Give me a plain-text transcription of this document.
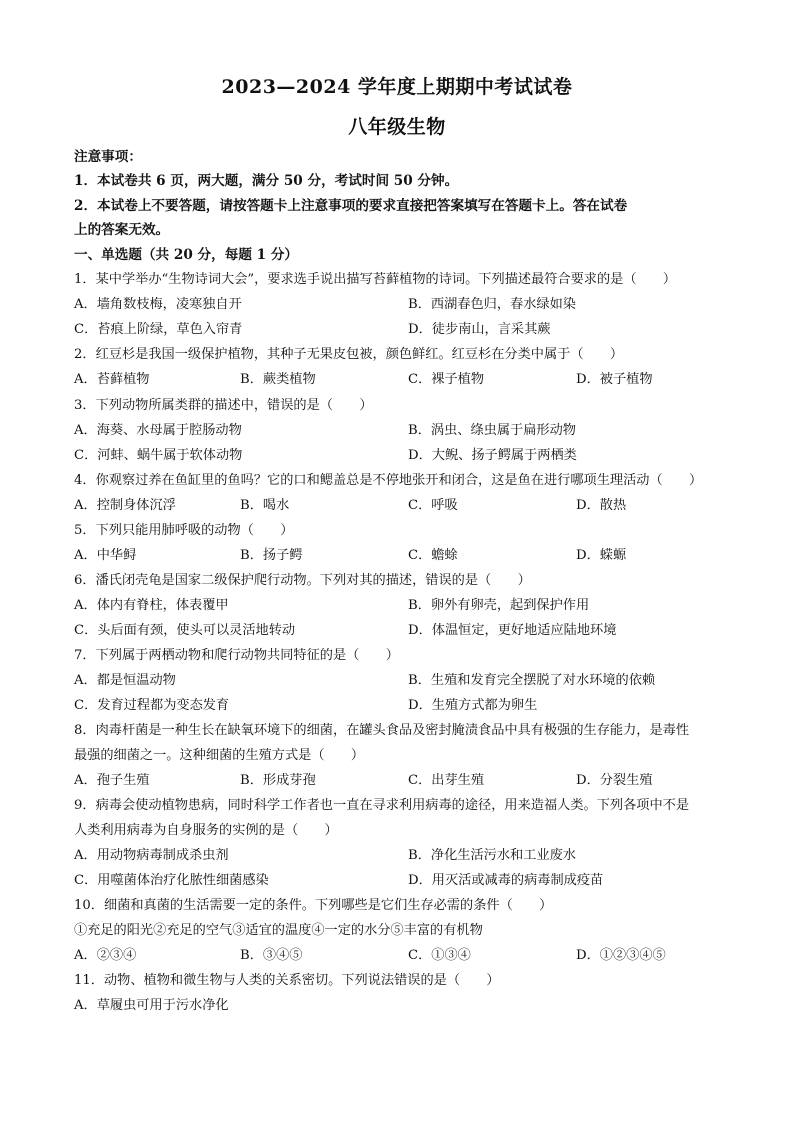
2023—2024 学年度上期期中考试试卷
八年级生物
注意事项：
1．本试卷共 6 页，两大题，满分 50 分，考试时间 50 分钟。
2．本试卷上不要答题，请按答题卡上注意事项的要求直接把答案填写在答题卡上。答在试卷
上的答案无效。
一、单选题（共 20 分，每题 1 分）
1．某中学举办“生物诗词大会”，要求选手说出描写苔藓植物的诗词。下列描述最符合要求的是（　　）
A．墙角数枝梅，凌寒独自开	B．西湖春色归，春水绿如染
C．苔痕上阶绿，草色入帘青	D．徒步南山，言采其蕨
2．红豆杉是我国一级保护植物，其种子无果皮包被，颜色鲜红。红豆杉在分类中属于（　　）
A．苔藓植物	B．蕨类植物	C．裸子植物	D．被子植物
3．下列动物所属类群的描述中，错误的是（　　）
A．海葵、水母属于腔肠动物	B．涡虫、绦虫属于扁形动物
C．河蚌、蜗牛属于软体动物	D．大鲵、扬子鳄属于两栖类
4．你观察过养在鱼缸里的鱼吗？它的口和鳃盖总是不停地张开和闭合，这是鱼在进行哪项生理活动（　　）
A．控制身体沉浮	B．喝水	C．呼吸	D．散热
5．下列只能用肺呼吸的动物（　　）
A．中华鲟	B．扬子鳄	C．蟾蜍	D．蝾螈
6．潘氏闭壳龟是国家二级保护爬行动物。下列对其的描述，错误的是（　　）
A．体内有脊柱，体表覆甲	B．卵外有卵壳，起到保护作用
C．头后面有颈，使头可以灵活地转动	D．体温恒定，更好地适应陆地环境
7．下列属于两栖动物和爬行动物共同特征的是（　　）
A．都是恒温动物	B．生殖和发育完全摆脱了对水环境的依赖
C．发育过程都为变态发育	D．生殖方式都为卵生
8．肉毒杆菌是一种生长在缺氧环境下的细菌，在罐头食品及密封腌渍食品中具有极强的生存能力，是毒性
最强的细菌之一。这种细菌的生殖方式是（　　）
A．孢子生殖	B．形成芽孢	C．出芽生殖	D．分裂生殖
9．病毒会使动植物患病，同时科学工作者也一直在寻求利用病毒的途径，用来造福人类。下列各项中不是
人类利用病毒为自身服务的实例的是（　　）
A．用动物病毒制成杀虫剂	B．净化生活污水和工业废水
C．用噬菌体治疗化脓性细菌感染	D．用灭活或减毒的病毒制成疫苗
10．细菌和真菌的生活需要一定的条件。下列哪些是它们生存必需的条件（　　）
①充足的阳光②充足的空气③适宜的温度④一定的水分⑤丰富的有机物
A．②③④	B．③④⑤	C．①③④	D．①②③④⑤
11．动物、植物和微生物与人类的关系密切。下列说法错误的是（　　）
A．草履虫可用于污水净化
